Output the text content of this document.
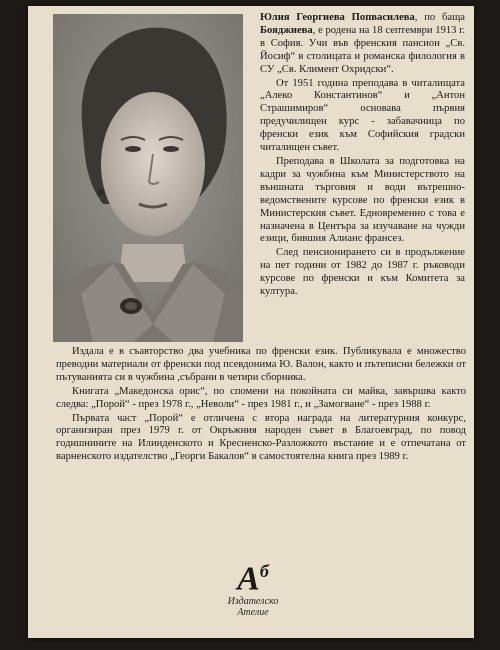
Юлия Георгиева Попвасилева, по баща Бояджиева, е родена на 18 септември 1913 г. в София. Учи във френския пансион „Св. Йосиф“ в столицата и романска филология в СУ „Св. Климент Охридски“.

От 1951 година преподава в читалищата „Алеко Константинов“ и „Антон Страшимиров“ основава първия предучилищен курс - забавачница по френски език към Софийския градски читалищен съвет.

Преподава в Школата за подготовка на кадри за чужбина към Министерството на външната търговия и води вътрешно-ведомствените курсове по френски език в Министерския съвет. Едновременно с това е назначена в Центъра за изучаване на чужди езици, бившия Алианс франсез.

След пенсионирането си в продължение на пет години от 1982 до 1987 г. ръководи курсове по френски и към Комитета за култура.

Издала е в съавторство два учебника по френски език. Публикувала е множество преводни материали от френски под псевдонима Ю. Валон, както и пътеписни бележки от пътуванията си в чужбина ,събрани в четири сборника.

Книгата „Македонска орис“, по спомени на покойната си майка, завършва както следва: „Порой“ - през 1978 г., „Неволи“ - през 1981 г., и „Замогване“ - през 1988 г.

Първата част „Порой“ е отличена с втора награда на литературния конкурс, организиран през 1979 г. от Окръжния народен съвет в Благоевград, по повод годишнините на Илинденското и Кресненско-Разложкото въстание и е отпечатана от варненското издателство „Георги Бакалов“ в самостоятелна книга през 1989 г.

$А^б$
Издателско
Ателие
